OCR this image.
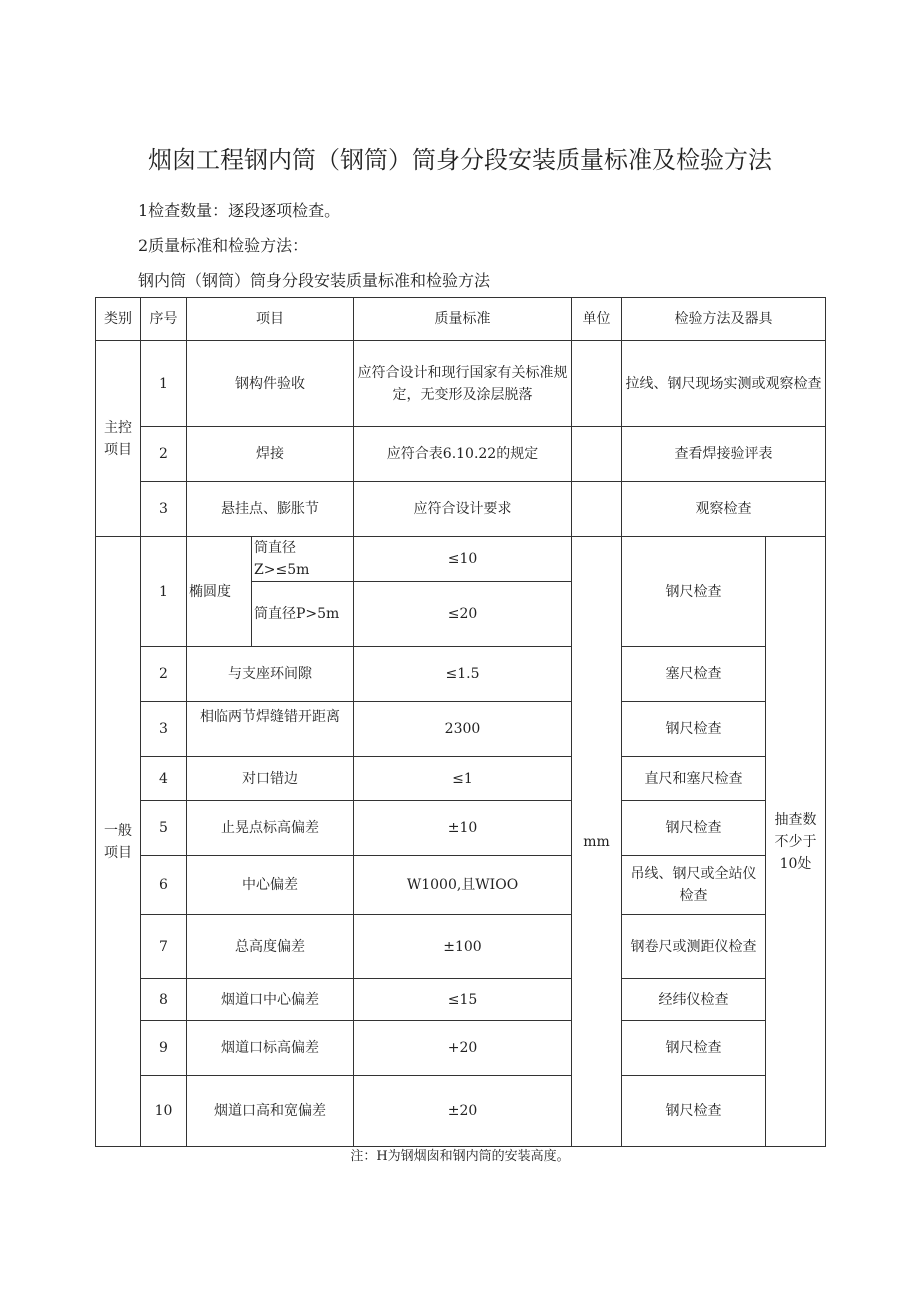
烟囱工程钢内筒（钢筒）筒身分段安装质量标准及检验方法
1检查数量：逐段逐项检查。
2质量标准和检验方法：
钢内筒（钢筒）筒身分段安装质量标准和检验方法
类别	序号	项目		质量标准	单位	检验方法及器具	
主控项目	1	钢构件验收		应符合设计和现行国家有关标准规定，无变形及涂层脱落		拉线、钢尺现场实测或观察检查	
	2	焊接		应符合表6.10.22的规定		查看焊接验评表	
	3	悬挂点、膨胀节		应符合设计要求		观察检查	
一般项目	1	椭圆度	筒直径Z>≤5m	≤10	mm	钢尺检查	抽查数不少于10处
			筒直径P>5m	≤20			
	2	与支座环间隙		≤1.5		塞尺检查	
	3	相临两节焊缝错开距离		2300		钢尺检查	
	4	对口错边		≤1		直尺和塞尺检查	
	5	止晃点标高偏差		±10		钢尺检查	
	6	中心偏差		W1000,且WIOO		吊线、钢尺或全站仪检查	
	7	总高度偏差		±100		钢卷尺或测距仪检查	
	8	烟道口中心偏差		≤15		经纬仪检查	
	9	烟道口标高偏差		+20		钢尺检查	
	10	烟道口高和宽偏差		±20		钢尺检查	
注：H为钢烟囱和钢内筒的安装高度。
